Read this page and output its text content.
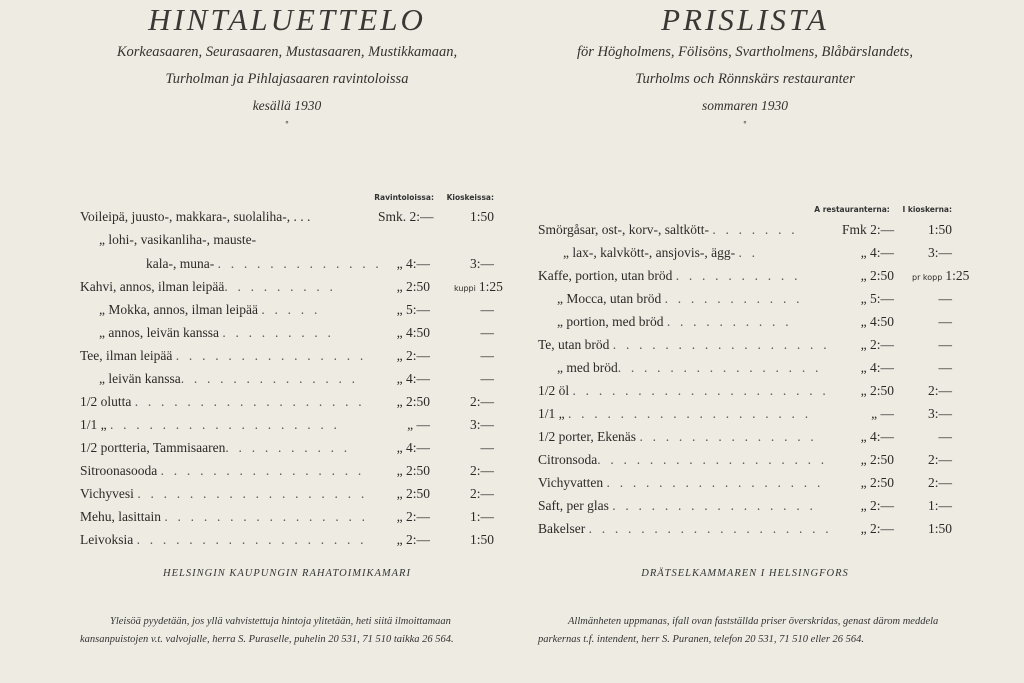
HINTALUETTELO
Korkeasaaren, Seurasaaren, Mustasaaren, Mustikkamaan,
Turholman ja Pihlajasaaren ravintoloissa
kesällä 1930
∘
Ravintoloissa: Kioskeissa:
Voileipä, juusto-, makkara-, suolaliha-, . . .	Smk. 2:—	1:50
„ lohi-, vasikanliha-, mauste-
kala-, muna- . . . . . . . . . . . . .	„ 4:—	3:—
Kahvi, annos, ilman leipää. . . . . . . . .	„ 2:50	kuppi 1:25
„ Mokka, annos, ilman leipää . . . . .	„ 5:—	—
„ annos, leivän kanssa . . . . . . . . .	„ 4:50	—
Tee, ilman leipää . . . . . . . . . . . . . . .	„ 2:—	—
„ leivän kanssa. . . . . . . . . . . . . .	„ 4:—	—
1/2 olutta . . . . . . . . . . . . . . . . . .	„ 2:50	2:—
1/1 „ . . . . . . . . . . . . . . . . . .	„ —	3:—
1/2 portteria, Tammisaaren. . . . . . . . . .	„ 4:—	—
Sitroonasooda . . . . . . . . . . . . . . . .	„ 2:50	2:—
Vichyvesi . . . . . . . . . . . . . . . . . .	„ 2:50	2:—
Mehu, lasittain . . . . . . . . . . . . . . . .	„ 2:—	1:—
Leivoksia . . . . . . . . . . . . . . . . . .	„ 2:—	1:50
HELSINGIN KAUPUNGIN RAHATOIMIKAMARI
Yleisöä pyydetään, jos yllä vahvistettuja hintoja ylitetään, heti siitä ilmoittamaan kansanpuistojen v.t. valvojalle, herra S. Puraselle, puhelin 20 531, 71 510 taikka 26 564.
PRISLISTA
för Högholmens, Fölisöns, Svartholmens, Blåbärslandets,
Turholms och Rönnskärs restauranter
sommaren 1930
∘
A restauranterna: I kioskerna:
Smörgåsar, ost-, korv-, saltkött- . . . . . . .	Fmk 2:—	1:50
„ lax-, kalvkött-, ansjovis-, ägg- . .	„ 4:—	3:—
Kaffe, portion, utan bröd . . . . . . . . . .	„ 2:50 pr kopp 1:25
„ Mocca, utan bröd . . . . . . . . . . .	„ 5:—	—
„ portion, med bröd . . . . . . . . . .	„ 4:50	—
Te, utan bröd . . . . . . . . . . . . . . . . .	„ 2:—	—
„ med bröd. . . . . . . . . . . . . . . .	„ 4:—	—
1/2 öl . . . . . . . . . . . . . . . . . . . .	„ 2:50	2:—
1/1 „ . . . . . . . . . . . . . . . . . . .	„ —	3:—
1/2 porter, Ekenäs . . . . . . . . . . . . . .	„ 4:—	—
Citronsoda. . . . . . . . . . . . . . . . . .	„ 2:50	2:—
Vichyvatten . . . . . . . . . . . . . . . . .	„ 2:50	2:—
Saft, per glas . . . . . . . . . . . . . . . .	„ 2:—	1:—
Bakelser . . . . . . . . . . . . . . . . . . .	„ 2:—	1:50
DRÄTSELKAMMAREN I HELSINGFORS
Allmänheten uppmanas, ifall ovan fastställda priser överskridas, genast därom meddela parkernas t.f. intendent, herr S. Puranen, telefon 20 531, 71 510 eller 26 564.
